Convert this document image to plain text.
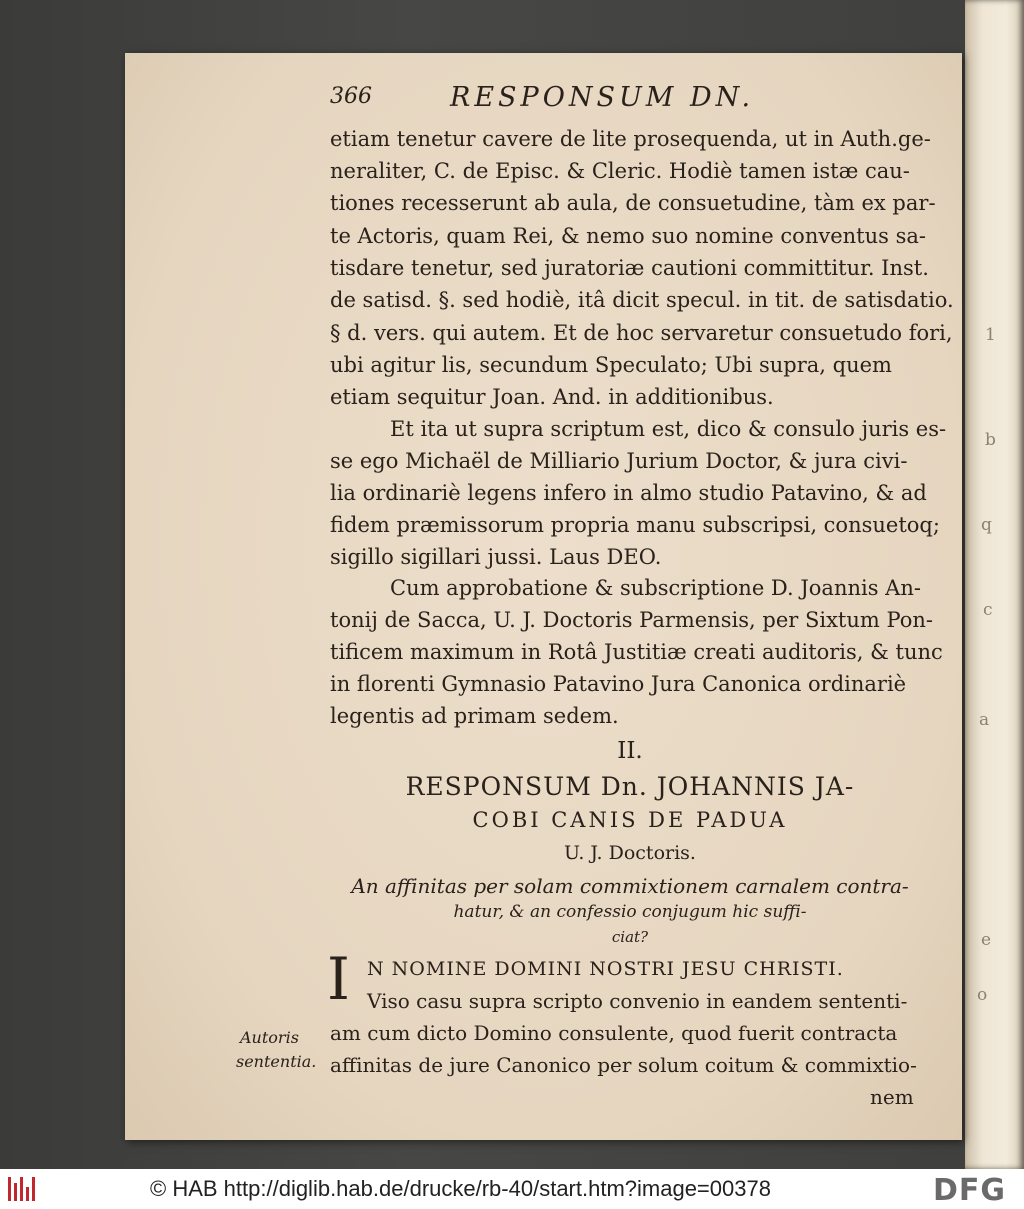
1
b
q
c
a
e
o
366	RESPONSUM DN.
etiam tenetur cavere de lite prosequenda, ut in Auth.ge-
neraliter, C. de Episc. & Cleric. Hodiè tamen istæ cau-
tiones recesserunt ab aula, de consuetudine, tàm ex par-
te Actoris, quam Rei, & nemo suo nomine conventus sa-
tisdare tenetur, sed juratoriæ cautioni committitur. Inst.
de satisd. §. sed hodiè, itâ dicit specul. in tit. de satisdatio.
§ d. vers. qui autem. Et de hoc servaretur consuetudo fori,
ubi agitur lis, secundum Speculato; Ubi supra, quem
etiam sequitur Joan. And. in additionibus.
Et ita ut supra scriptum est, dico & consulo juris es-
se ego Michaël de Milliario Jurium Doctor, & jura civi-
lia ordinariè legens infero in almo studio Patavino, & ad
fidem præmissorum propria manu subscripsi, consuetoq;
sigillo sigillari jussi. Laus DEO.
Cum approbatione & subscriptione D. Joannis An-
tonij de Sacca, U. J. Doctoris Parmensis, per Sixtum Pon-
tificem maximum in Rotâ Justitiæ creati auditoris, & tunc
in florenti Gymnasio Patavino Jura Canonica ordinariè
legentis ad primam sedem.
II.
RESPONSUM Dn. JOHANNIS JA-
COBI CANIS DE PADUA
U. J. Doctoris.
An affinitas per solam commixtionem carnalem contra-
hatur, & an confessio conjugum hic suffi-
ciat?
I N NOMINE DOMINI NOSTRI JESU CHRISTI.
Viso casu supra scripto convenio in eandem sententi-
am cum dicto Domino consulente, quod fuerit contracta
affinitas de jure Canonico per solum coitum & commixtio-
nem
Autoris
sententia.
© HAB http://diglib.hab.de/drucke/rb-40/start.htm?image=00378	DFG
